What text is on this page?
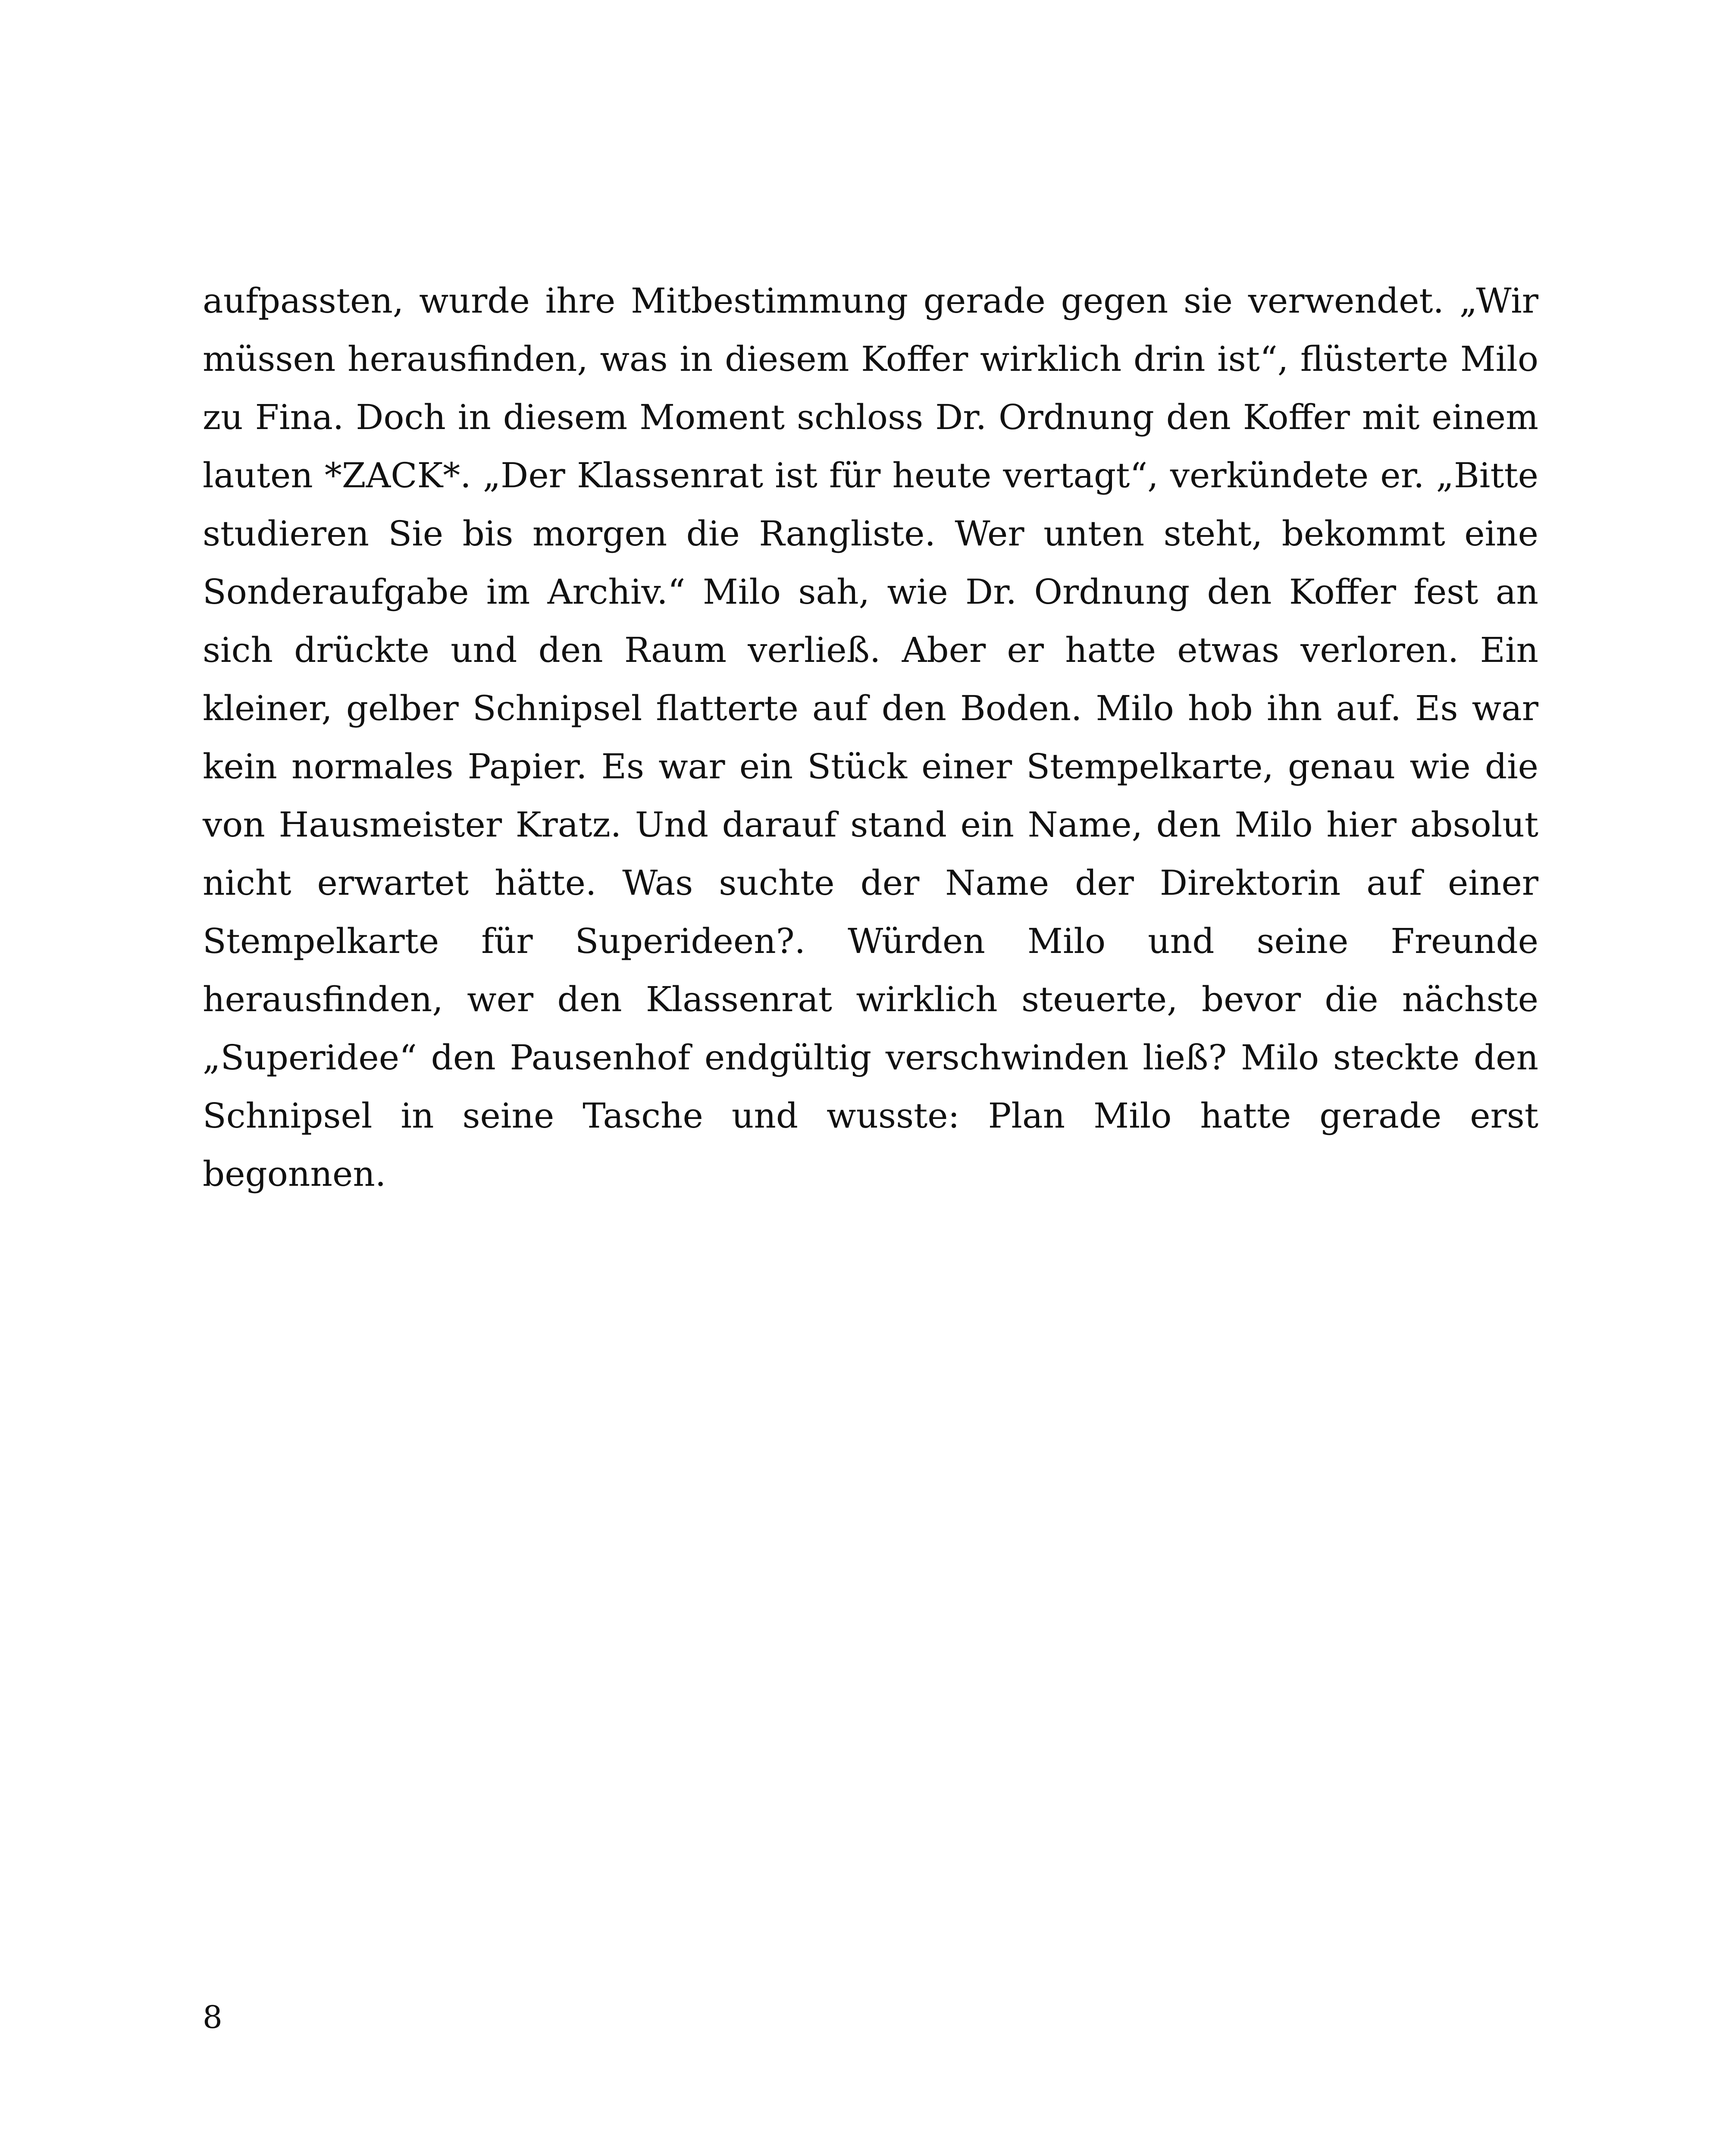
aufpassten, wurde ihre Mitbestimmung gerade gegen sie verwendet. „Wir müssen herausfinden, was in diesem Koffer wirklich drin ist“, flüsterte Milo zu Fina. Doch in diesem Moment schloss Dr. Ordnung den Koffer mit einem lauten *ZACK*. „Der Klassenrat ist für heute vertagt“, verkündete er. „Bitte studieren Sie bis morgen die Rangliste. Wer unten steht, bekommt eine Sonderaufgabe im Archiv.“ Milo sah, wie Dr. Ordnung den Koffer fest an sich drückte und den Raum verließ. Aber er hatte etwas verloren. Ein kleiner, gelber Schnipsel flatterte auf den Boden. Milo hob ihn auf. Es war kein normales Papier. Es war ein Stück einer Stempelkarte, genau wie die von Hausmeister Kratz. Und darauf stand ein Name, den Milo hier absolut nicht erwartet hätte. Was suchte der Name der Direktorin auf einer Stempelkarte für Superideen?. Würden Milo und seine Freunde herausfinden, wer den Klassenrat wirklich steuerte, bevor die nächste „Superidee“ den Pausenhof endgültig verschwinden ließ? Milo steckte den Schnipsel in seine Tasche und wusste: Plan Milo hatte gerade erst begonnen.

8
